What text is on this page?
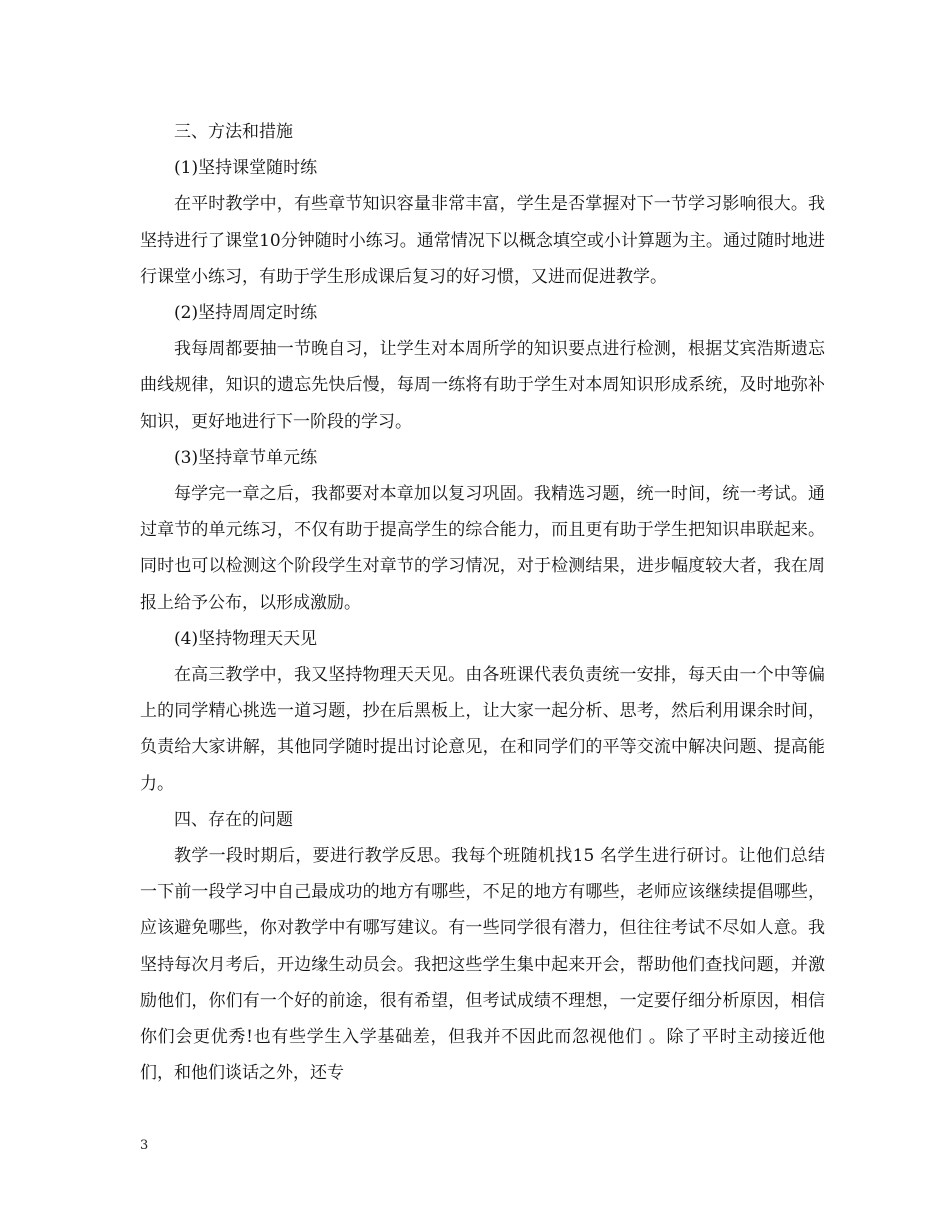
三、方法和措施

(1)坚持课堂随时练

在平时教学中，有些章节知识容量非常丰富，学生是否掌握对下一节学习影响很大。我坚持进行了课堂10分钟随时小练习。通常情况下以概念填空或小计算题为主。通过随时地进行课堂小练习，有助于学生形成课后复习的好习惯，又进而促进教学。

(2)坚持周周定时练

我每周都要抽一节晚自习，让学生对本周所学的知识要点进行检测，根据艾宾浩斯遗忘曲线规律，知识的遗忘先快后慢，每周一练将有助于学生对本周知识形成系统，及时地弥补知识，更好地进行下一阶段的学习。

(3)坚持章节单元练

每学完一章之后，我都要对本章加以复习巩固。我精选习题，统一时间，统一考试。通过章节的单元练习，不仅有助于提高学生的综合能力，而且更有助于学生把知识串联起来。同时也可以检测这个阶段学生对章节的学习情况，对于检测结果，进步幅度较大者，我在周报上给予公布，以形成激励。

(4)坚持物理天天见

在高三教学中，我又坚持物理天天见。由各班课代表负责统一安排，每天由一个中等偏上的同学精心挑选一道习题，抄在后黑板上，让大家一起分析、思考，然后利用课余时间，负责给大家讲解，其他同学随时提出讨论意见，在和同学们的平等交流中解决问题、提高能力。

四、存在的问题

教学一段时期后，要进行教学反思。我每个班随机找15 名学生进行研讨。让他们总结一下前一段学习中自己最成功的地方有哪些，不足的地方有哪些，老师应该继续提倡哪些，应该避免哪些，你对教学中有哪写建议。有一些同学很有潜力，但往往考试不尽如人意。我坚持每次月考后，开边缘生动员会。我把这些学生集中起来开会，帮助他们查找问题，并激励他们，你们有一个好的前途，很有希望，但考试成绩不理想，一定要仔细分析原因，相信你们会更优秀!也有些学生入学基础差，但我并不因此而忽视他们 。除了平时主动接近他们，和他们谈话之外，还专

3
